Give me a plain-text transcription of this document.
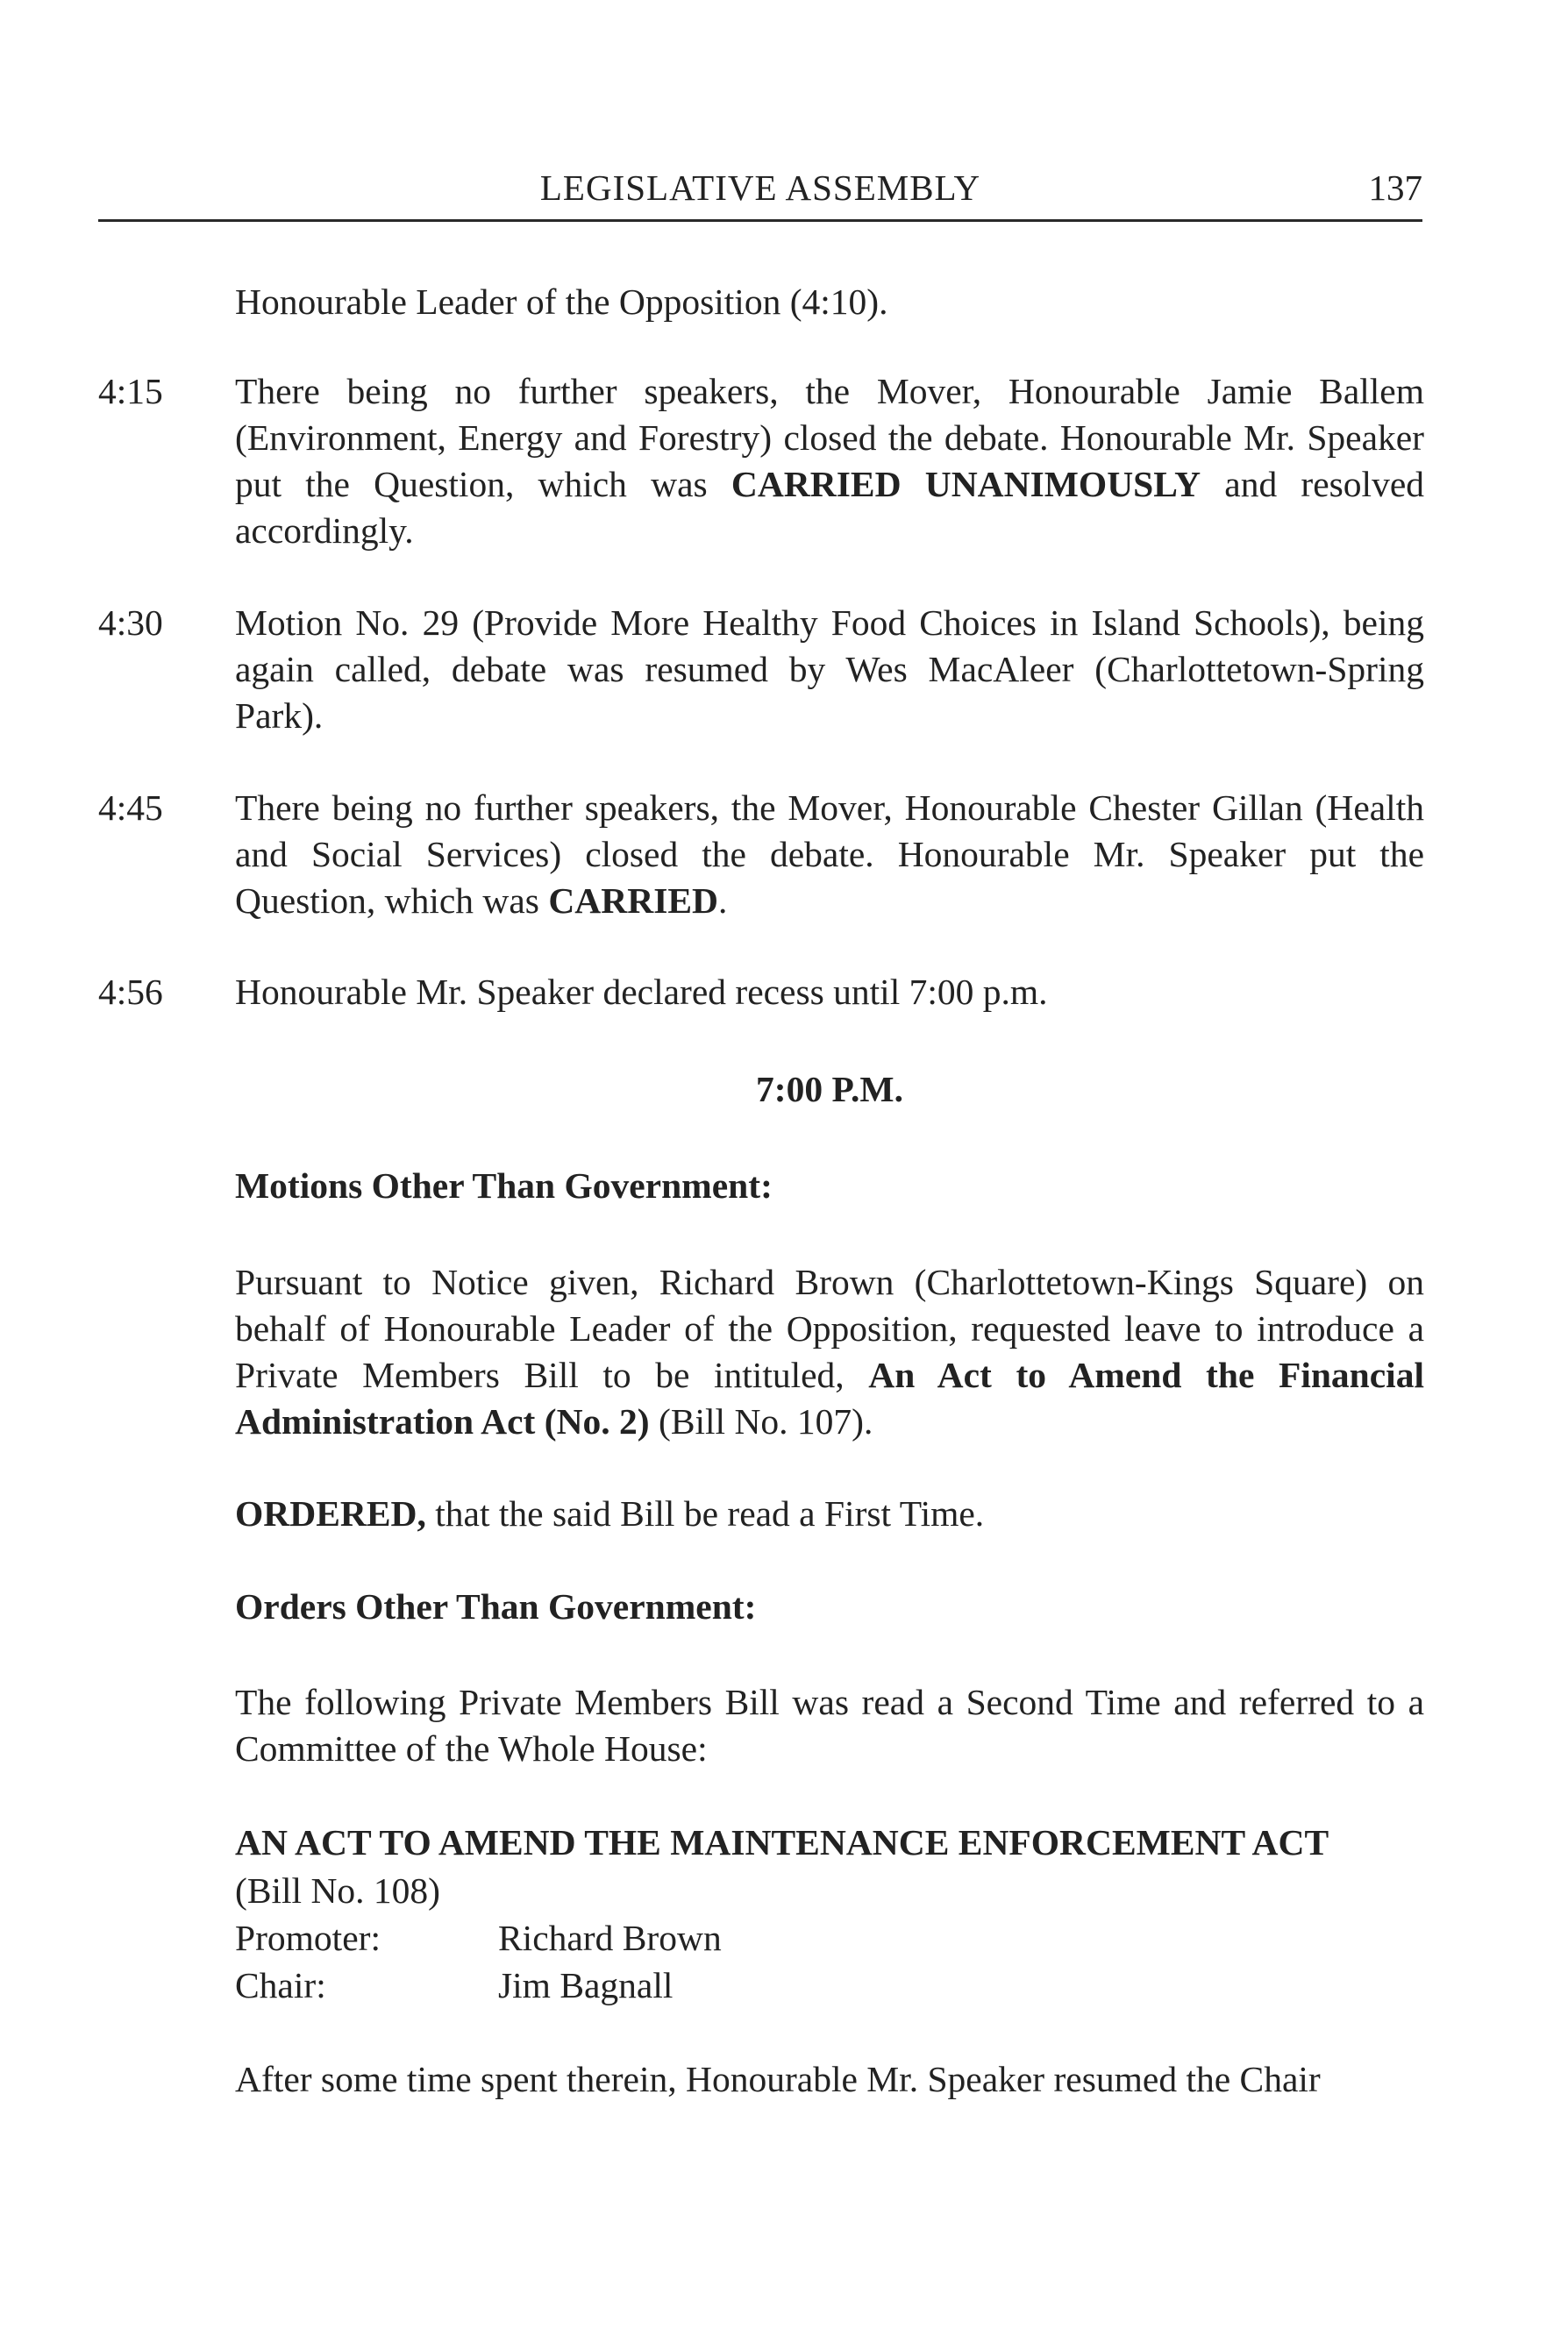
LEGISLATIVE ASSEMBLY	137
Honourable Leader of the Opposition (4:10).
4:15 There being no further speakers, the Mover, Honourable Jamie Ballem (Environment, Energy and Forestry) closed the debate. Honourable Mr. Speaker put the Question, which was CARRIED UNANIMOUSLY and resolved accordingly.
4:30 Motion No. 29 (Provide More Healthy Food Choices in Island Schools), being again called, debate was resumed by Wes MacAleer (Charlottetown-Spring Park).
4:45 There being no further speakers, the Mover, Honourable Chester Gillan (Health and Social Services) closed the debate. Honourable Mr. Speaker put the Question, which was CARRIED.
4:56 Honourable Mr. Speaker declared recess until 7:00 p.m.
7:00 P.M.
Motions Other Than Government:
Pursuant to Notice given, Richard Brown (Charlottetown-Kings Square) on behalf of Honourable Leader of the Opposition, requested leave to introduce a Private Members Bill to be intituled, An Act to Amend the Financial Administration Act (No. 2) (Bill No. 107).
ORDERED, that the said Bill be read a First Time.
Orders Other Than Government:
The following Private Members Bill was read a Second Time and referred to a Committee of the Whole House:
AN ACT TO AMEND THE MAINTENANCE ENFORCEMENT ACT
(Bill No. 108)
Promoter:	Richard Brown
Chair:	Jim Bagnall
After some time spent therein, Honourable Mr. Speaker resumed the Chair
